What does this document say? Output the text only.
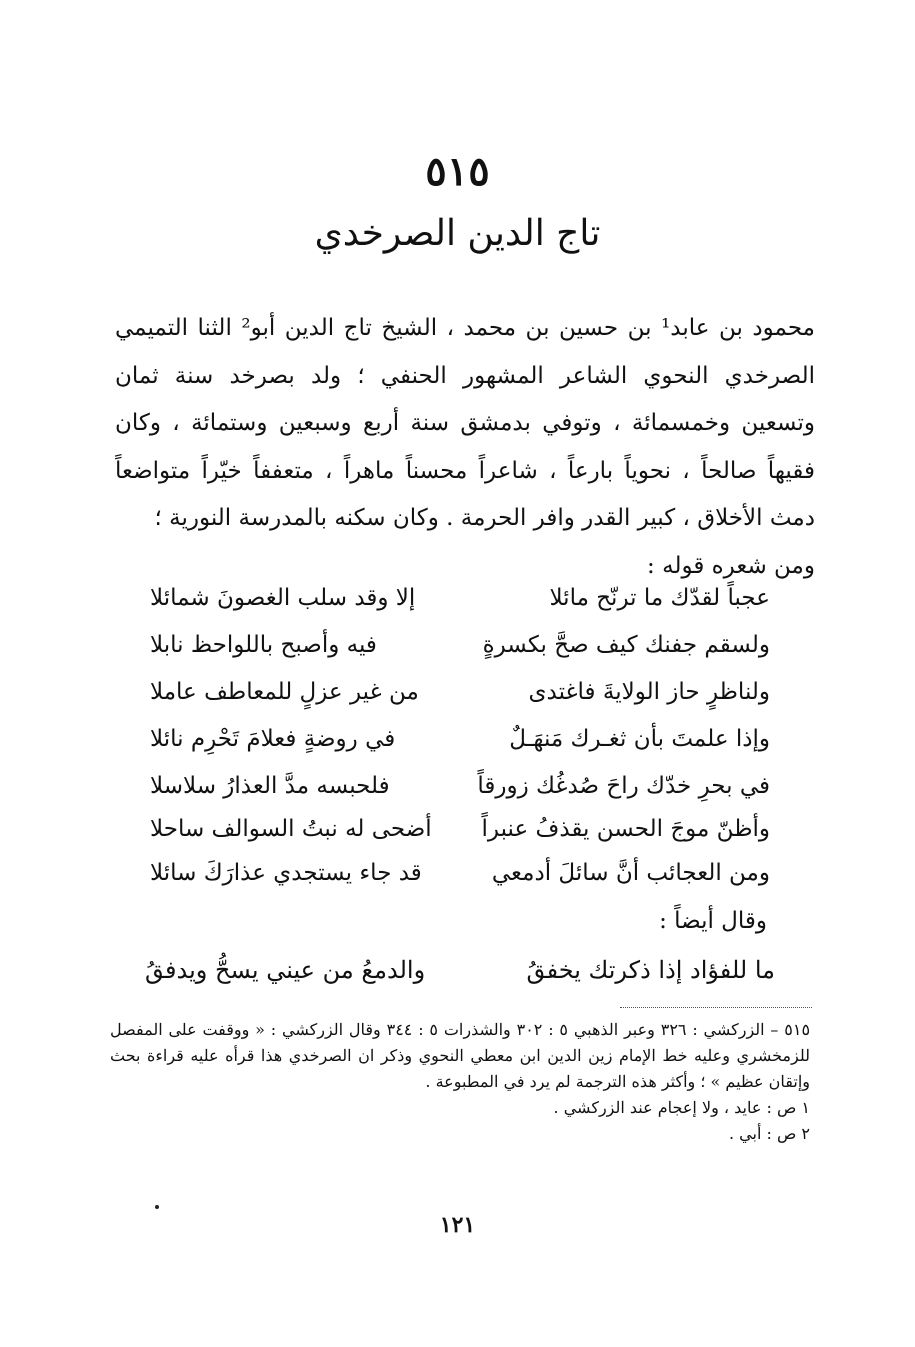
٥١٥
تاج الدين الصرخدي

محمود بن عابد¹ بن حسين بن محمد ، الشيخ تاج الدين أبو² الثنا التميمي الصرخدي النحوي الشاعر المشهور الحنفي ؛ ولد بصرخد سنة ثمان وتسعين وخمسمائة ، وتوفي بدمشق سنة أربع وسبعين وستمائة ، وكان فقيهاً صالحاً ، نحوياً بارعاً ، شاعراً محسناً ماهراً ، متعففاً خيّراً متواضعاً دمث الأخلاق ، كبير القدر وافر الحرمة . وكان سكنه بالمدرسة النورية ؛

ومن شعره قوله :

عجباً لقدّك ما ترنّح مائلا
إلا وقد سلب الغصونَ شمائلا
ولسقم جفنك كيف صحَّ بكسرةٍ
فيه وأصبح باللواحظ نابلا
ولناظرٍ حاز الولايةَ فاغتدى
من غير عزلٍ للمعاطف عاملا
وإذا علمتَ بأن ثغـرك مَنهَـلٌ
في روضةٍ فعلامَ تَحْرِم نائلا
في بحرِ خدّك راحَ صُدغُك زورقاً
فلحبسه مدَّ العذارُ سلاسلا
وأظنّ موجَ الحسن يقذفُ عنبراً
أضحى له نبتُ السوالف ساحلا
ومن العجائب أنَّ سائلَ أدمعي
قد جاء يستجدي عذارَكَ سائلا
وقال أيضاً :
ما للفؤاد إذا ذكرتك يخفقُ
والدمعُ من عيني يسحُّ ويدفقُ

٥١٥ – الزركشي : ٣٢٦ وعبر الذهبي ٥ : ٣٠٢ والشذرات ٥ : ٣٤٤ وقال الزركشي : « ووقفت على المفصل للزمخشري وعليه خط الإمام زين الدين ابن معطي النحوي وذكر ان الصرخدي هذا قرأه عليه قراءة بحث وإتقان عظيم » ؛ وأكثر هذه الترجمة لم يرد في المطبوعة .

١ ص : عايد ، ولا إعجام عند الزركشي .

٢ ص : أبي .

١٢١
